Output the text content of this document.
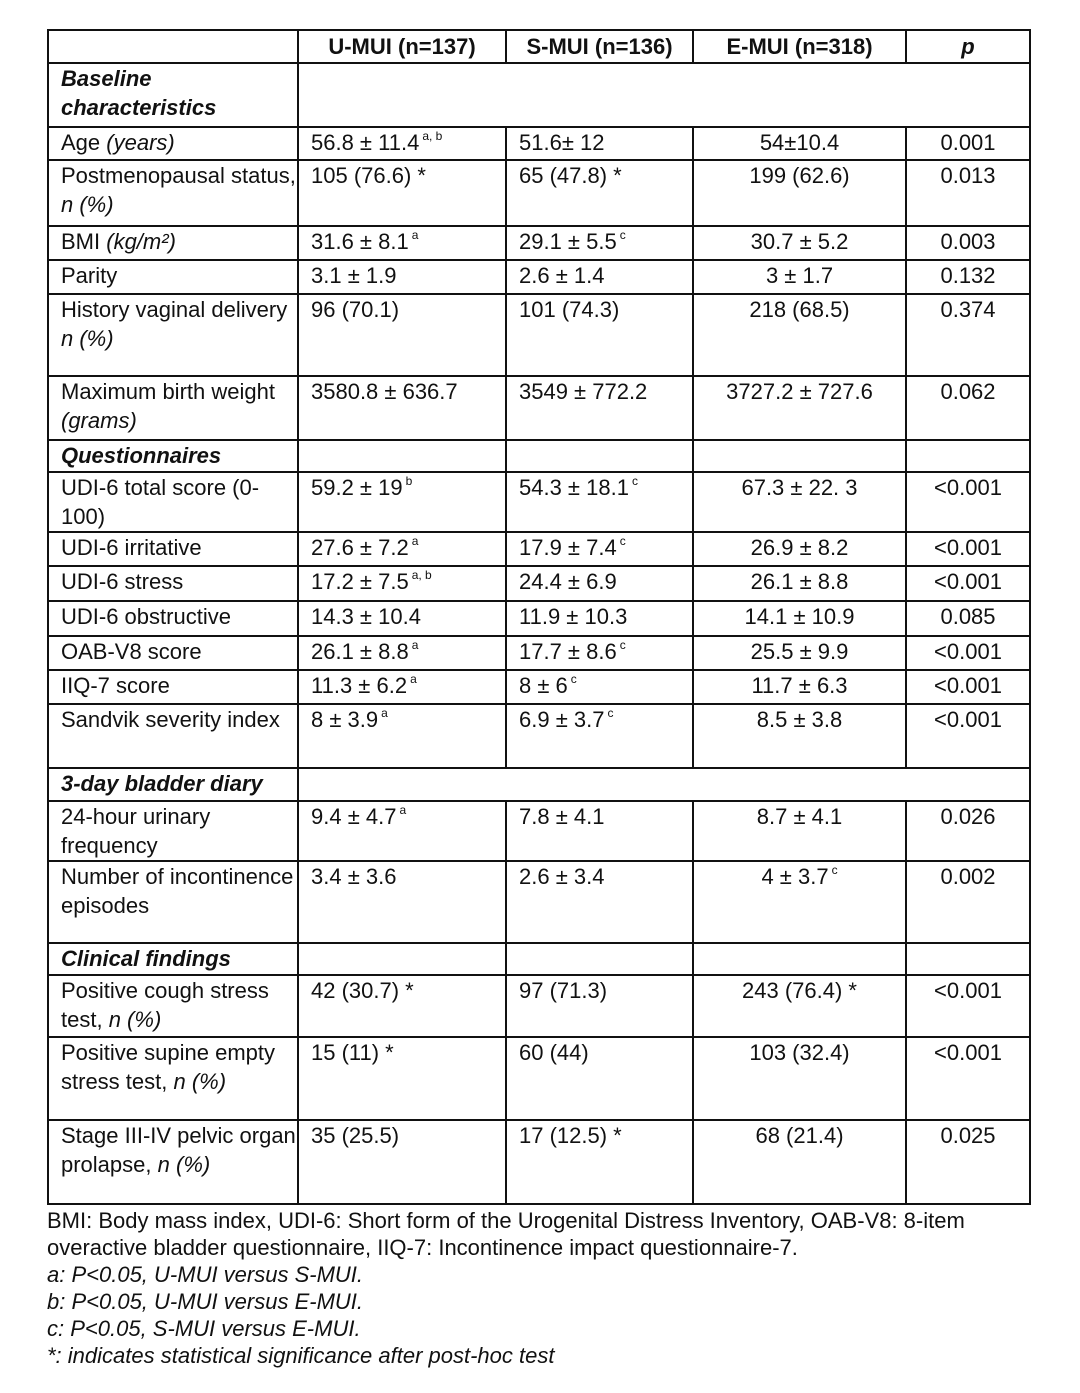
	U-MUI (n=137)	S-MUI (n=136)	E-MUI (n=318)	p
Baseline characteristics				
Age (years)	56.8 ± 11.4 $^{a, b}$	51.6± 12	54±10.4	0.001
Postmenopausal status, n (%)	105 (76.6) *	65 (47.8) *	199 (62.6)	0.013
BMI (kg/m²)	31.6 ± 8.1 $^a$	29.1 ± 5.5 $^c$	30.7 ± 5.2	0.003
Parity	3.1 ± 1.9	2.6 ± 1.4	3 ± 1.7	0.132
History vaginal delivery n (%)	96 (70.1)	101 (74.3)	218 (68.5)	0.374
Maximum birth weight (grams)	3580.8 ± 636.7	3549 ± 772.2	3727.2 ± 727.6	0.062
Questionnaires				
UDI-6 total score (0-100)	59.2 ± 19 $^b$	54.3 ± 18.1 $^c$	67.3 ± 22. 3	<0.001
UDI-6 irritative	27.6 ± 7.2 $^a$	17.9 ± 7.4 $^c$	26.9 ± 8.2	<0.001
UDI-6 stress	17.2 ± 7.5 $^{a, b}$	24.4 ± 6.9	26.1 ± 8.8	<0.001
UDI-6 obstructive	14.3 ± 10.4	11.9 ± 10.3	14.1 ± 10.9	0.085
OAB-V8 score	26.1 ± 8.8 $^a$	17.7 ± 8.6 $^c$	25.5 ± 9.9	<0.001
IIQ-7 score	11.3 ± 6.2 $^a$	8 ± 6 $^c$	11.7 ± 6.3	<0.001
Sandvik severity index	8 ± 3.9 $^a$	6.9 ± 3.7 $^c$	8.5 ± 3.8	<0.001
3-day bladder diary				
24-hour urinary frequency	9.4 ± 4.7 $^a$	7.8 ± 4.1	8.7 ± 4.1	0.026
Number of incontinence episodes	3.4 ± 3.6	2.6 ± 3.4	4 ± 3.7 $^c$	0.002
Clinical findings				
Positive cough stress test, n (%)	42 (30.7) *	97 (71.3)	243 (76.4) *	<0.001
Positive supine empty stress test, n (%)	15 (11) *	60 (44)	103 (32.4)	<0.001
Stage III-IV pelvic organ prolapse, n (%)	35 (25.5)	17 (12.5) *	68 (21.4)	0.025
BMI: Body mass index, UDI-6: Short form of the Urogenital Distress Inventory, OAB-V8: 8-item overactive bladder questionnaire, IIQ-7: Incontinence impact questionnaire-7.
a: P<0.05, U-MUI versus S-MUI.
b: P<0.05, U-MUI versus E-MUI.
c: P<0.05, S-MUI versus E-MUI.
*: indicates statistical significance after post-hoc test
